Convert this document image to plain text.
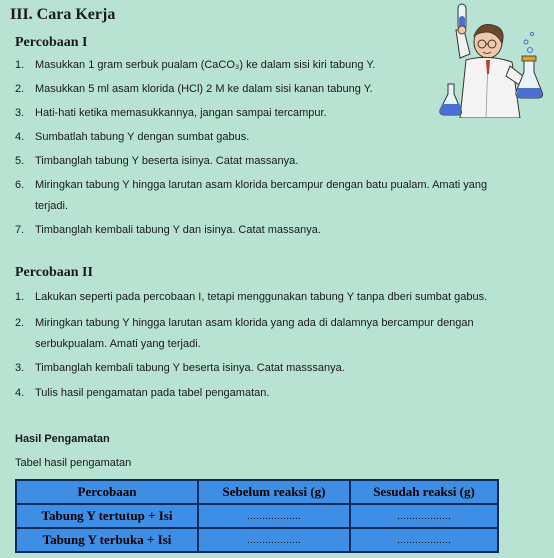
III. Cara Kerja
Percobaan I
1. Masukkan 1 gram serbuk pualam (CaCO₃) ke dalam sisi kiri tabung Y.
2. Masukkan 5 ml asam klorida (HCl) 2 M ke dalam sisi kanan tabung Y.
3. Hati-hati ketika memasukkannya, jangan sampai tercampur.
4. Sumbatlah tabung Y dengan sumbat gabus.
5. Timbanglah tabung Y beserta isinya. Catat massanya.
6. Miringkan tabung Y hingga larutan asam klorida bercampur dengan batu pualam. Amati yang
terjadi.
7. Timbanglah kembali tabung Y dan isinya. Catat massanya.
Percobaan II
1. Lakukan seperti pada percobaan I, tetapi menggunakan tabung Y tanpa dberi sumbat gabus.
2. Miringkan tabung Y hingga larutan asam klorida yang ada di dalamnya bercampur dengan
serbukpualam. Amati yang terjadi.
3. Timbanglah kembali tabung Y beserta isinya. Catat masssanya.
4. Tulis hasil pengamatan pada tabel pengamatan.
Hasil Pengamatan
Tabel hasil pengamatan
Percobaan	Sebelum reaksi (g)	Sesudah reaksi (g)
Tabung Y tertutup + Isi	………………	………………
Tabung Y terbuka + Isi	………………	………………
